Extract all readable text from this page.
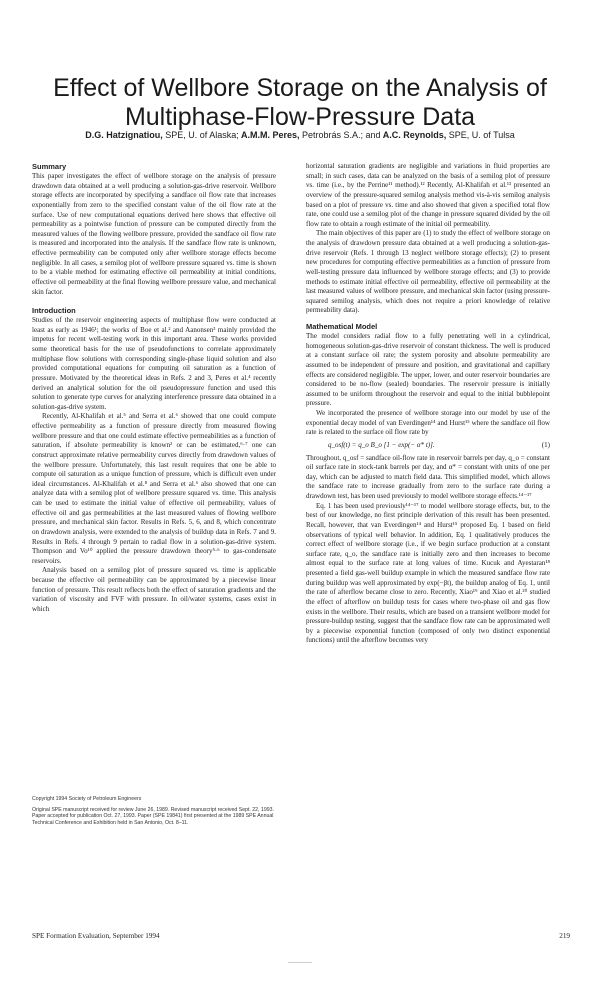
Effect of Wellbore Storage on the Analysis of Multiphase-Flow-Pressure Data
D.G. Hatzignatiou, SPE, U. of Alaska; A.M.M. Peres, Petrobrás S.A.; and A.C. Reynolds, SPE, U. of Tulsa
Summary

This paper investigates the effect of wellbore storage on the analysis of pressure drawdown data obtained at a well producing a solution-gas-drive reservoir. Wellbore storage effects are incorporated by specifying a sandface oil flow rate that increases exponentially from zero to the specified constant value of the oil flow rate at the surface. Use of new computational equations derived here shows that effective oil permeability as a pointwise function of pressure can be computed directly from the measured values of the flowing wellbore pressure, provided the sandface oil flow rate is measured and incorporated into the analysis. If the sandface flow rate is unknown, effective permeability can be computed only after wellbore storage effects become negligible. In all cases, a semilog plot of wellbore pressure squared vs. time is shown to be a viable method for estimating effective oil permeability at initial conditions, effective oil permeability at the final flowing wellbore pressure value, and mechanical skin factor.

Introduction

Studies of the reservoir engineering aspects of multiphase flow were conducted at least as early as 1946¹; the works of Boe et al.² and Aanonsen³ mainly provided the impetus for recent well-testing work in this important area. These works provided some theoretical basis for the use of pseudofunctions to correlate approximately multiphase flow solutions with corresponding single-phase liquid solution and also provided computational equations for computing oil saturation as a function of pressure. Motivated by the theoretical ideas in Refs. 2 and 3, Peres et al.⁴ recently derived an analytical solution for the oil pseudopressure function and used this solution to generate type curves for analyzing interference pressure data obtained in a solution-gas-drive system.

Recently, Al-Khalifah et al.⁵ and Serra et al.⁶ showed that one could compute effective permeability as a function of pressure directly from measured flowing wellbore pressure and that one could estimate effective permeabilities as a function of saturation, if absolute permeability is known² or can be estimated,⁶·⁷ one can construct approximate relative permeability curves directly from drawdown values of the wellbore pressure. Unfortunately, this last result requires that one be able to compute oil saturation as a unique function of pressure, which is difficult even under ideal circumstances. Al-Khalifah et al.⁸ and Serra et al.⁶ also showed that one can analyze data with a semilog plot of wellbore pressure squared vs. time. This analysis can be used to estimate the initial value of effective oil permeability, values of effective oil and gas permeabilities at the last measured values of flowing wellbore pressure, and mechanical skin factor. Results in Refs. 5, 6, and 8, which concentrate on drawdown analysis, were extended to the analysis of buildup data in Refs. 7 and 9. Results in Refs. 4 through 9 pertain to radial flow in a solution-gas-drive system. Thompson and Vo¹⁰ applied the pressure drawdown theory⁵·⁶ to gas-condensate reservoirs.

Analysis based on a semilog plot of pressure squared vs. time is applicable because the effective oil permeability can be approximated by a piecewise linear function of pressure. This result reflects both the effect of saturation gradients and the variation of viscosity and FVF with pressure. In oil/water systems, cases exist in which

Copyright 1994 Society of Petroleum Engineers

Original SPE manuscript received for review June 26, 1989. Revised manuscript received Sept. 22, 1993. Paper accepted for publication Oct. 27, 1993. Paper (SPE 19841) first presented at the 1989 SPE Annual Technical Conference and Exhibition held in San Antonio, Oct. 8–11.

horizontal saturation gradients are negligible and variations in fluid properties are small; in such cases, data can be analyzed on the basis of a semilog plot of pressure vs. time (i.e., by the Perrine¹¹ method).¹² Recently, Al-Khalifah et al.¹³ presented an overview of the pressure-squared semilog analysis method vis-à-vis semilog analysis based on a plot of pressure vs. time and also showed that given a specified total flow rate, one could use a semilog plot of the change in pressure squared divided by the oil flow rate to obtain a rough estimate of the initial oil permeability.

The main objectives of this paper are (1) to study the effect of wellbore storage on the analysis of drawdown pressure data obtained at a well producing a solution-gas-drive reservoir (Refs. 1 through 13 neglect wellbore storage effects); (2) to present new procedures for computing effective permeabilities as a function of pressure from well-testing pressure data influenced by wellbore storage effects; and (3) to provide methods to estimate initial effective oil permeability, effective oil permeability at the last measured values of wellbore pressure, and mechanical skin factor (using pressure-squared semilog analysis, which does not require a priori knowledge of relative permeability data).

Mathematical Model

The model considers radial flow to a fully penetrating well in a cylindrical, homogeneous solution-gas-drive reservoir of constant thickness. The well is produced at a constant surface oil rate; the system porosity and absolute permeability are assumed to be independent of pressure and position, and gravitational and capillary effects are considered negligible. The upper, lower, and outer reservoir boundaries are considered to be no-flow (sealed) boundaries. The reservoir pressure is initially assumed to be uniform throughout the reservoir and equal to the initial bubblepoint pressure.

We incorporated the presence of wellbore storage into our model by use of the exponential decay model of van Everdingen¹⁴ and Hurst¹⁵ where the sandface oil flow rate is related to the surface oil flow rate by

q_osf(t) = q_o B_o [1 − exp(− α* t)].	(1)

Throughout, q_osf = sandface oil-flow rate in reservoir barrels per day, q_o = constant oil surface rate in stock-tank barrels per day, and α* = constant with units of one per day, which can be adjusted to match field data. This simplified model, which allows the sandface rate to increase gradually from zero to the surface rate during a drawdown test, has been used previously to model wellbore storage effects.¹⁴⁻¹⁷

Eq. 1 has been used previously¹⁴⁻¹⁷ to model wellbore storage effects, but, to the best of our knowledge, no first principle derivation of this result has been presented. Recall, however, that van Everdingen¹⁴ and Hurst¹⁵ proposed Eq. 1 based on field observations of typical well behavior. In addition, Eq. 1 qualitatively produces the correct effect of wellbore storage (i.e., if we begin surface production at a constant surface rate, q_o, the sandface rate is initially zero and then increases to become almost equal to the surface rate at long values of time. Kucuk and Ayestaran¹⁸ presented a field gas-well buildup example in which the measured sandface flow rate during buildup was well approximated by exp(−βt), the buildup analog of Eq. 1, until the rate of afterflow became close to zero. Recently, Xiao¹⁹ and Xiao et al.²⁰ studied the effect of afterflow on buildup tests for cases where two-phase oil and gas flow exists in the wellbore. Their results, which are based on a transient wellbore model for pressure-buildup testing, suggest that the sandface flow rate can be approximated well by a piecewise exponential function (composed of only two distinct exponential functions) until the afterflow becomes very

SPE Formation Evaluation, September 1994	219
